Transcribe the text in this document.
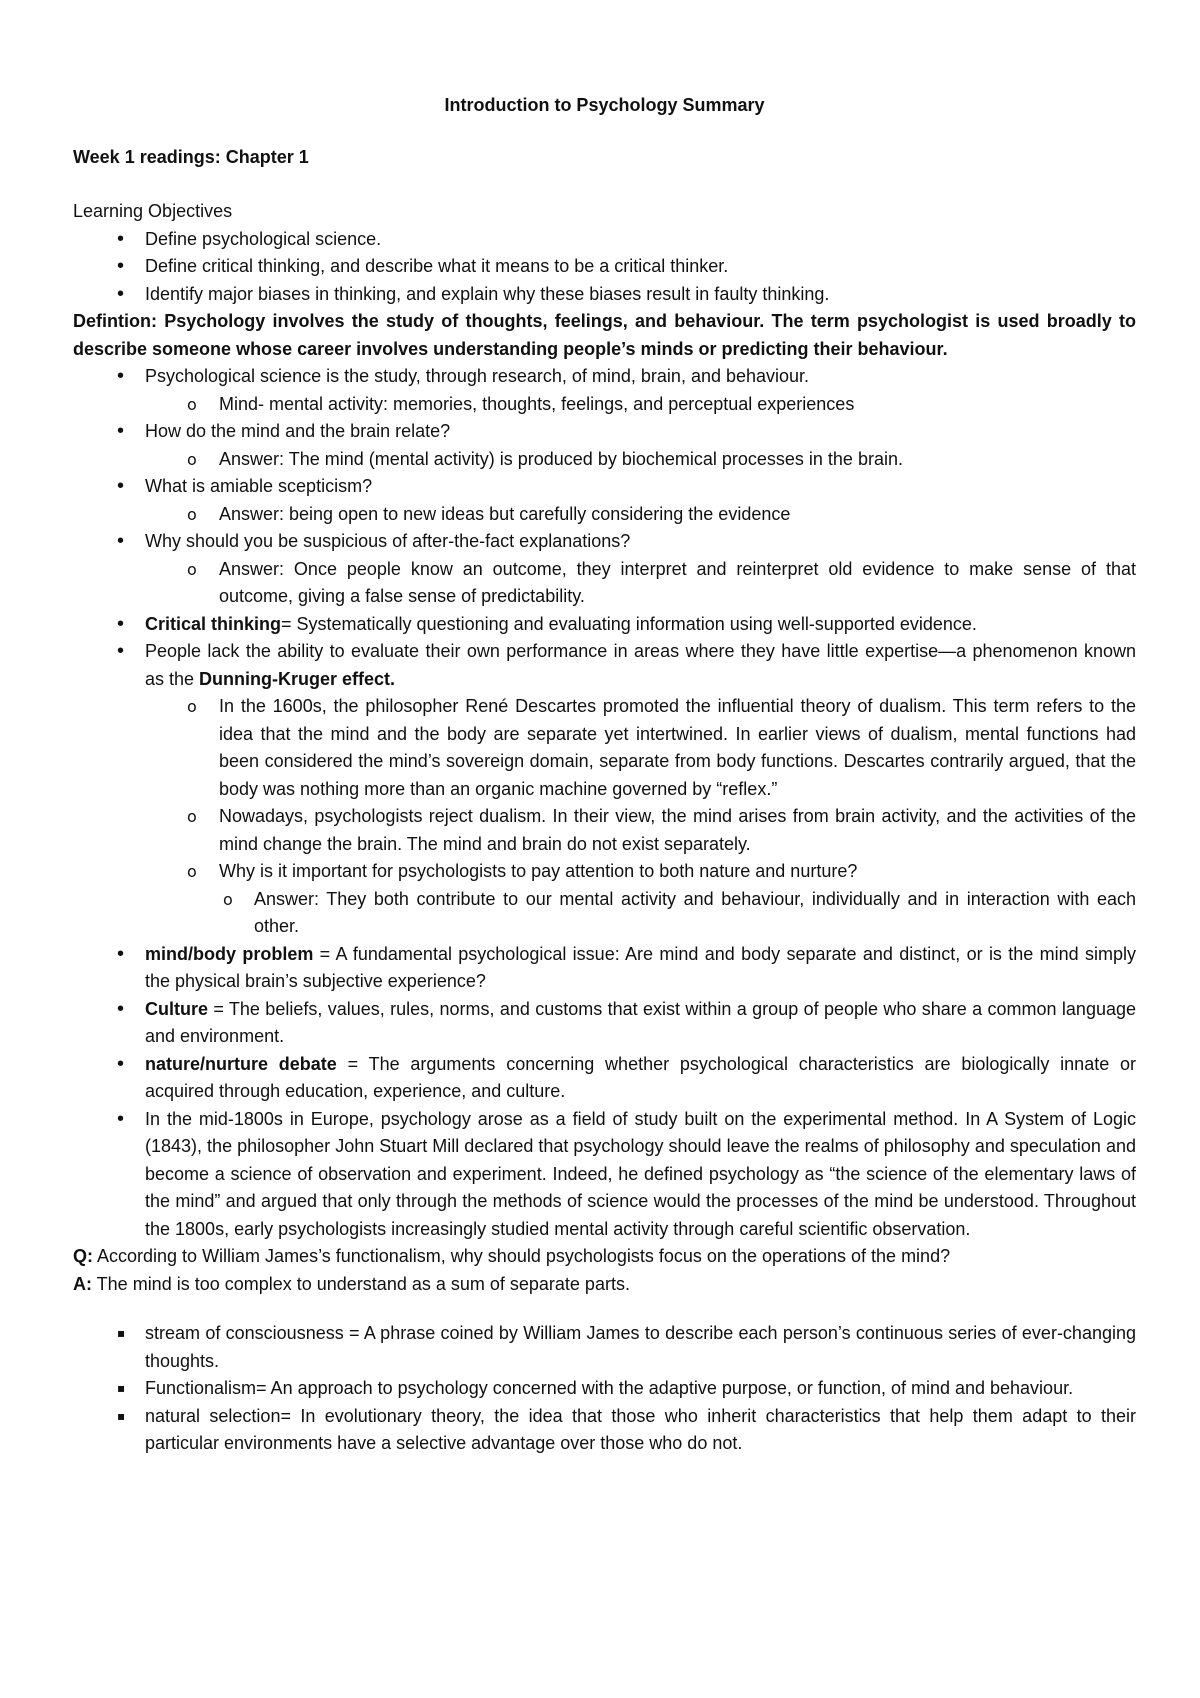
Introduction to Psychology Summary

Week 1 readings: Chapter 1

Learning Objectives

• Define psychological science.
• Define critical thinking, and describe what it means to be a critical thinker.
• Identify major biases in thinking, and explain why these biases result in faulty thinking.

Defintion: Psychology involves the study of thoughts, feelings, and behaviour. The term psychologist is used broadly to describe someone whose career involves understanding people’s minds or predicting their behaviour.

• Psychological science is the study, through research, of mind, brain, and behaviour.
o Mind- mental activity: memories, thoughts, feelings, and perceptual experiences
• How do the mind and the brain relate?
o Answer: The mind (mental activity) is produced by biochemical processes in the brain.
• What is amiable scepticism?
o Answer: being open to new ideas but carefully considering the evidence
• Why should you be suspicious of after-the-fact explanations?
o Answer: Once people know an outcome, they interpret and reinterpret old evidence to make sense of that outcome, giving a false sense of predictability.
• Critical thinking= Systematically questioning and evaluating information using well-supported evidence.
• People lack the ability to evaluate their own performance in areas where they have little expertise—a phenomenon known as the Dunning-Kruger effect.
o In the 1600s, the philosopher René Descartes promoted the influential theory of dualism. This term refers to the idea that the mind and the body are separate yet intertwined. In earlier views of dualism, mental functions had been considered the mind’s sovereign domain, separate from body functions. Descartes contrarily argued, that the body was nothing more than an organic machine governed by “reflex.”
o Nowadays, psychologists reject dualism. In their view, the mind arises from brain activity, and the activities of the mind change the brain. The mind and brain do not exist separately.
o Why is it important for psychologists to pay attention to both nature and nurture?
o Answer: They both contribute to our mental activity and behaviour, individually and in interaction with each other.
• mind/body problem = A fundamental psychological issue: Are mind and body separate and distinct, or is the mind simply the physical brain’s subjective experience?
• Culture = The beliefs, values, rules, norms, and customs that exist within a group of people who share a common language and environment.
• nature/nurture debate = The arguments concerning whether psychological characteristics are biologically innate or acquired through education, experience, and culture.
• In the mid-1800s in Europe, psychology arose as a field of study built on the experimental method. In A System of Logic (1843), the philosopher John Stuart Mill declared that psychology should leave the realms of philosophy and speculation and become a science of observation and experiment. Indeed, he defined psychology as “the science of the elementary laws of the mind” and argued that only through the methods of science would the processes of the mind be understood. Throughout the 1800s, early psychologists increasingly studied mental activity through careful scientific observation.

Q: According to William James’s functionalism, why should psychologists focus on the operations of the mind?

A: The mind is too complex to understand as a sum of separate parts.

▪ stream of consciousness = A phrase coined by William James to describe each person’s continuous series of ever-changing thoughts.
▪ Functionalism= An approach to psychology concerned with the adaptive purpose, or function, of mind and behaviour.
▪ natural selection= In evolutionary theory, the idea that those who inherit characteristics that help them adapt to their particular environments have a selective advantage over those who do not.
